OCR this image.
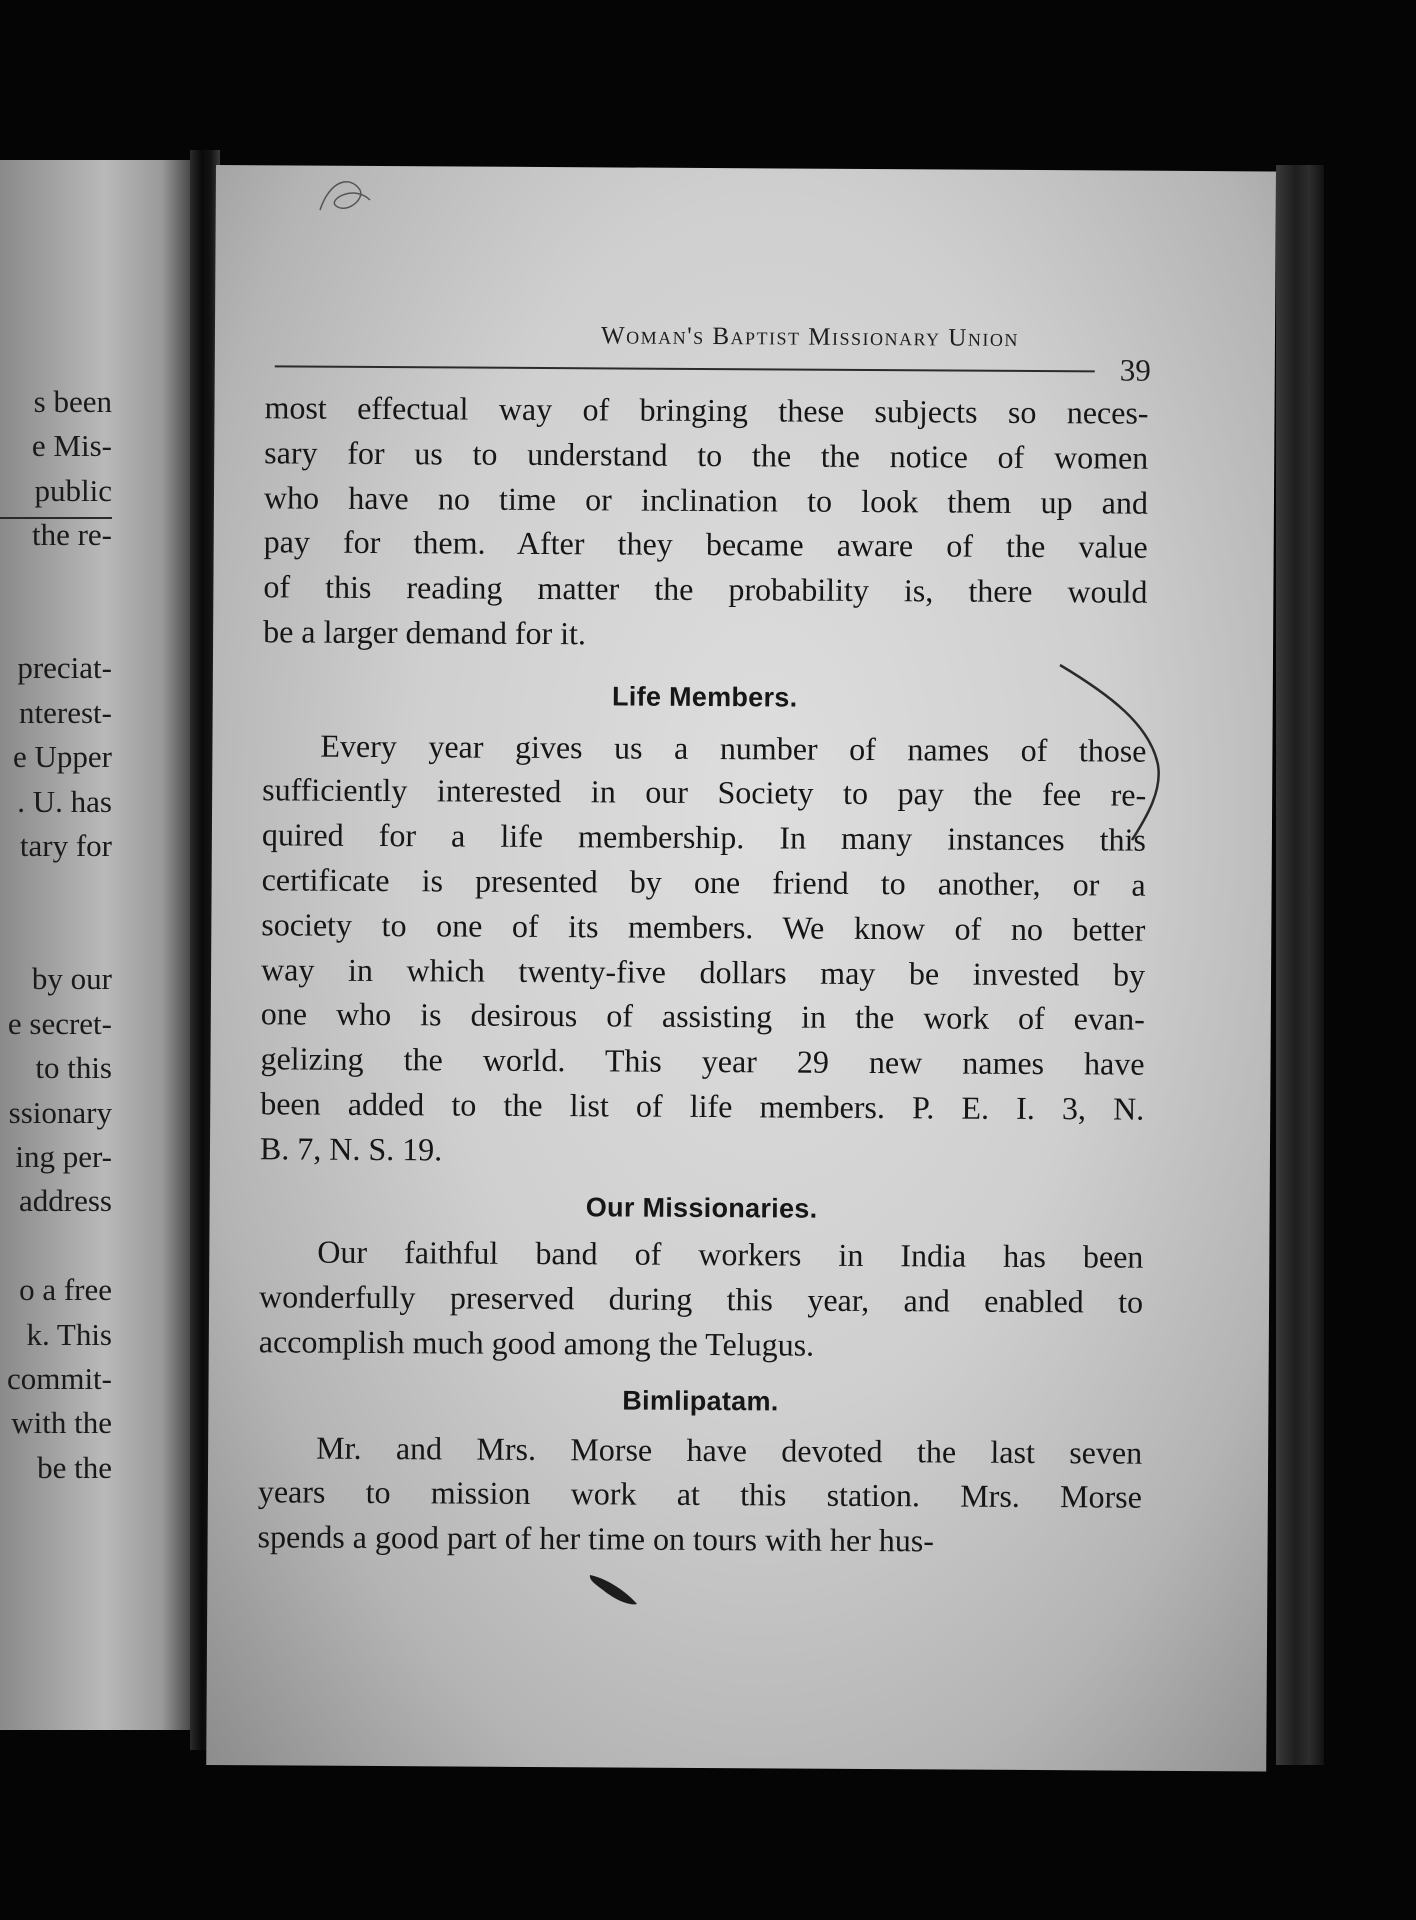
s been
e Mis-
public
the re-

preciat-
nterest-
e Upper
. U. has
tary for

by our
e secret-
to this
ssionary
ing per-
address

o a free
k. This
commit-
with the
be the
Woman's Baptist Missionary Union
39

most effectual way of bringing these subjects so neces-
sary for us to understand to the the notice of women
who have no time or inclination to look them up and
pay for them. After they became aware of the value
of this reading matter the probability is, there would
be a larger demand for it.

Life Members.

Every year gives us a number of names of those
sufficiently interested in our Society to pay the fee re-
quired for a life membership. In many instances this
certificate is presented by one friend to another, or a
society to one of its members. We know of no better
way in which twenty-five dollars may be invested by
one who is desirous of assisting in the work of evan-
gelizing the world. This year 29 new names have
been added to the list of life members. P. E. I. 3, N.
B. 7, N. S. 19.

Our Missionaries.

Our faithful band of workers in India has been
wonderfully preserved during this year, and enabled to
accomplish much good among the Telugus.

Bimlipatam.

Mr. and Mrs. Morse have devoted the last seven
years to mission work at this station. Mrs. Morse
spends a good part of her time on tours with her hus-
